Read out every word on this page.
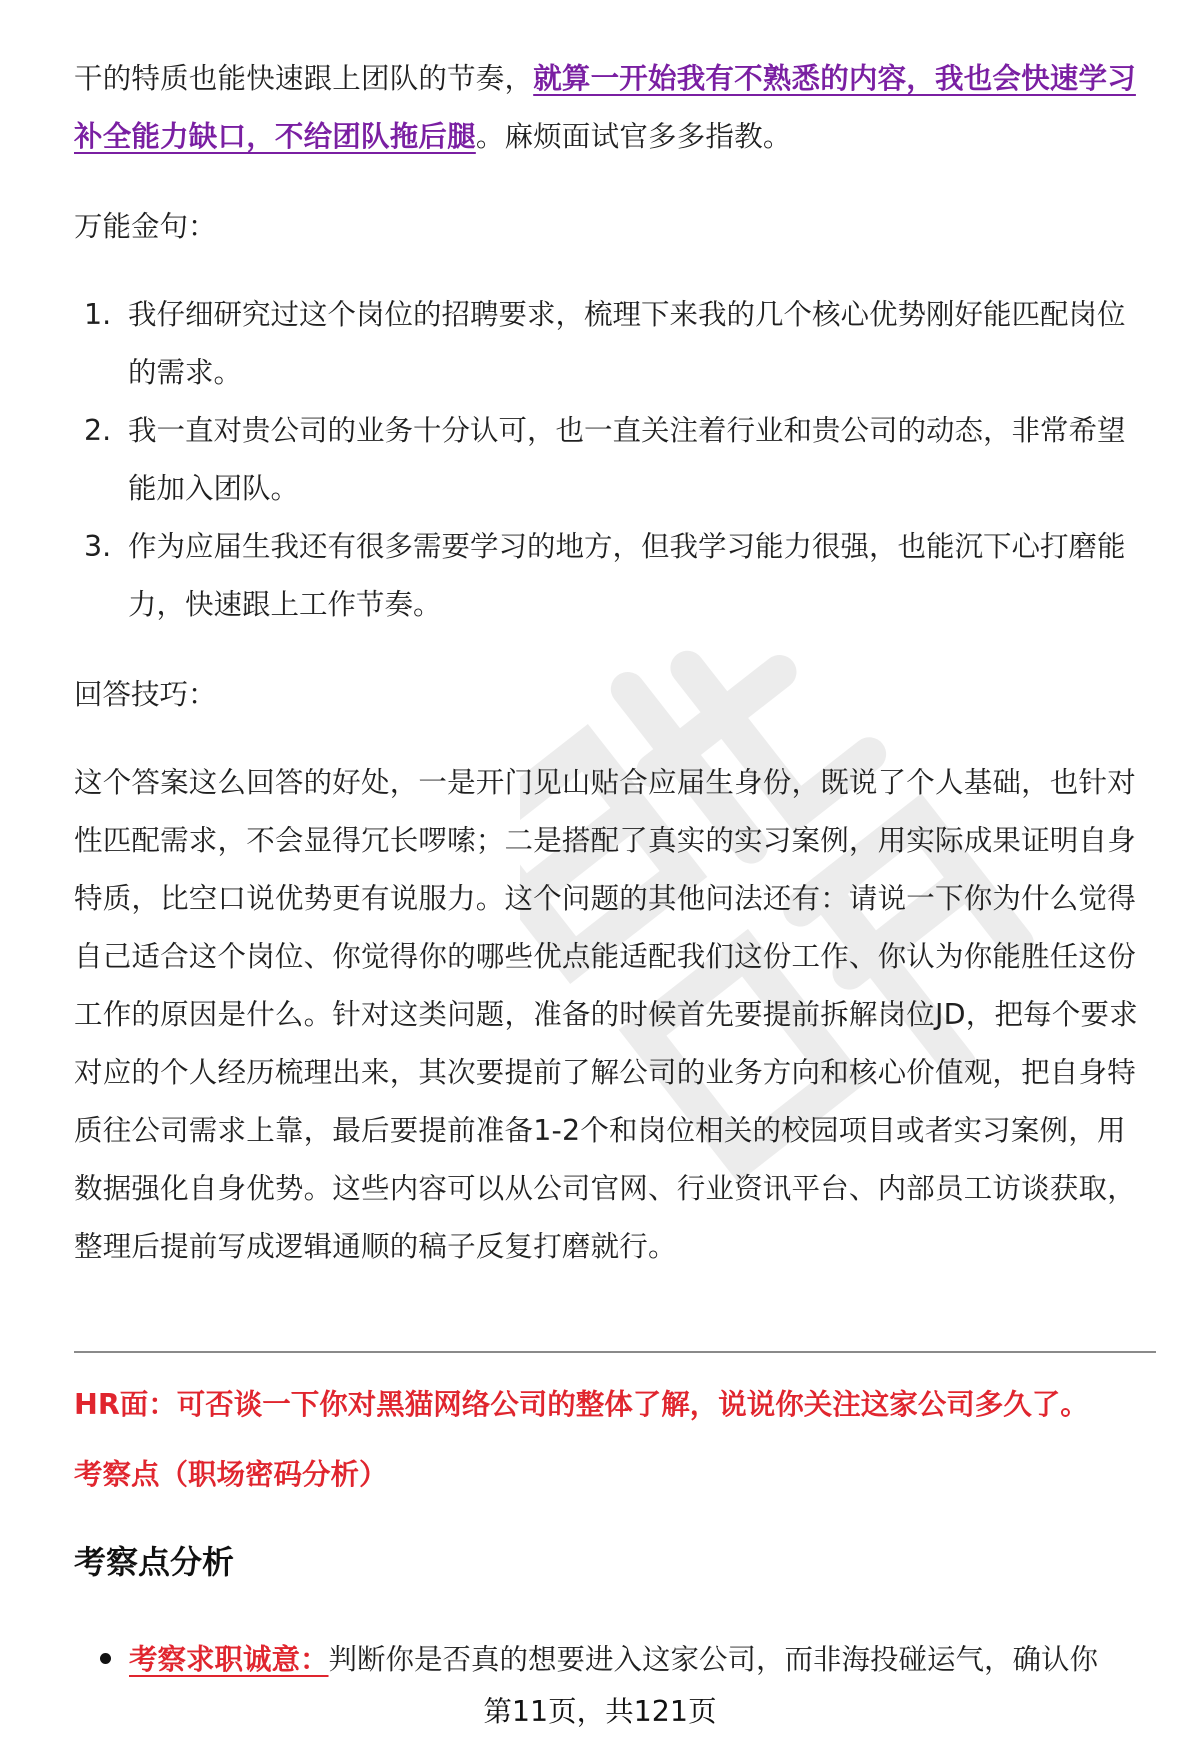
干的特质也能快速跟上团队的节奏，就算一开始我有不熟悉的内容，我也会快速学习补全能力缺口，不给团队拖后腿。麻烦面试官多多指教。

万能金句：

1. 我仔细研究过这个岗位的招聘要求，梳理下来我的几个核心优势刚好能匹配岗位的需求。
2. 我一直对贵公司的业务十分认可，也一直关注着行业和贵公司的动态，非常希望能加入团队。
3. 作为应届生我还有很多需要学习的地方，但我学习能力很强，也能沉下心打磨能力，快速跟上工作节奏。

回答技巧：

这个答案这么回答的好处，一是开门见山贴合应届生身份，既说了个人基础，也针对性匹配需求，不会显得冗长啰嗦；二是搭配了真实的实习案例，用实际成果证明自身特质，比空口说优势更有说服力。这个问题的其他问法还有：请说一下你为什么觉得自己适合这个岗位、你觉得你的哪些优点能适配我们这份工作、你认为你能胜任这份工作的原因是什么。针对这类问题，准备的时候首先要提前拆解岗位JD，把每个要求对应的个人经历梳理出来，其次要提前了解公司的业务方向和核心价值观，把自身特质往公司需求上靠，最后要提前准备1-2个和岗位相关的校园项目或者实习案例，用数据强化自身优势。这些内容可以从公司官网、行业资讯平台、内部员工访谈获取，整理后提前写成逻辑通顺的稿子反复打磨就行。

HR面：可否谈一下你对黑猫网络公司的整体了解，说说你关注这家公司多久了。

考察点（职场密码分析）

考察点分析
考察求职诚意：判断你是否真的想要进入这家公司，而非海投碰运气，确认你
第11页，共121页
